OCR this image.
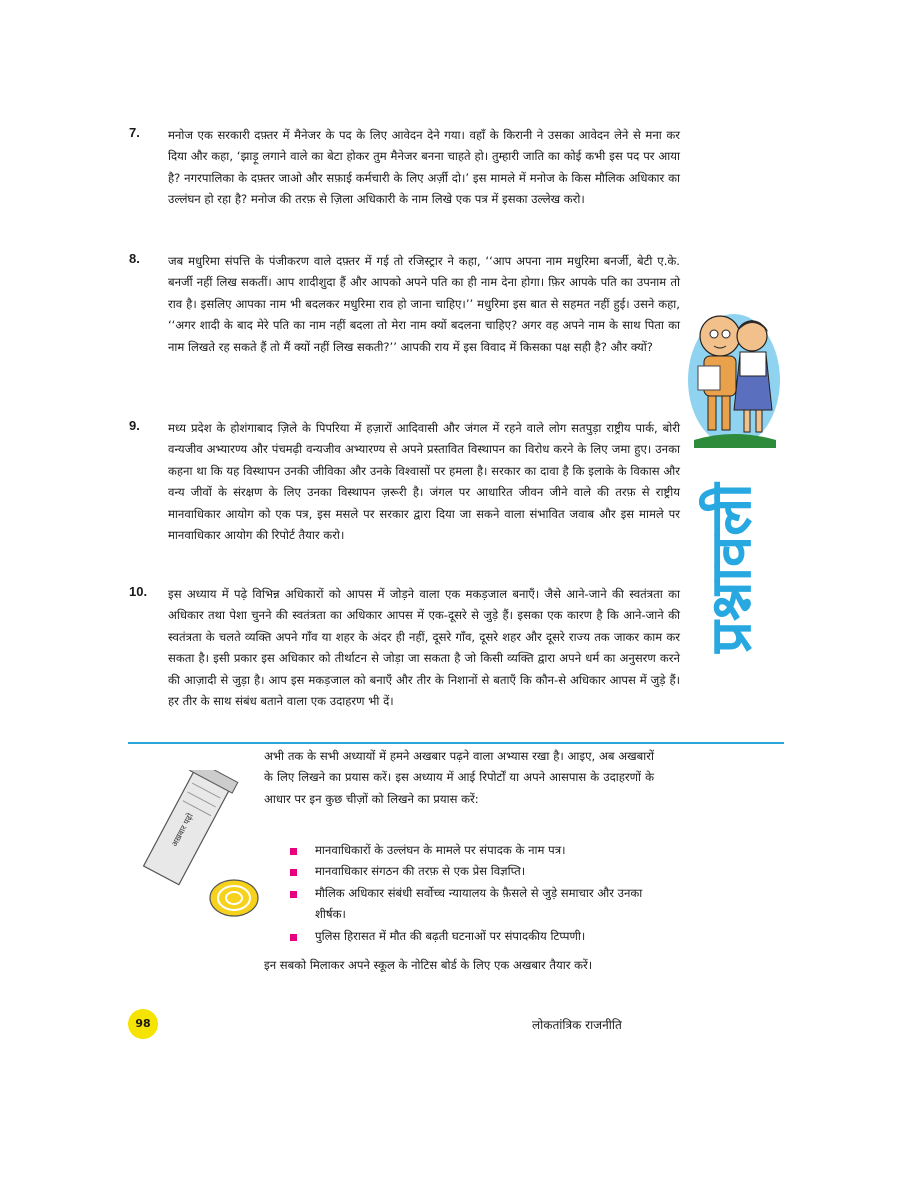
7. मनोज एक सरकारी दफ़्तर में मैनेजर के पद के लिए आवेदन देने गया। वहाँ के किरानी ने उसका आवेदन लेने से मना कर दिया और कहा, ‘झाड़ू लगाने वाले का बेटा होकर तुम मैनेजर बनना चाहते हो। तुम्हारी जाति का कोई कभी इस पद पर आया है? नगरपालिका के दफ़्तर जाओ और सफ़ाई कर्मचारी के लिए अर्ज़ी दो।’ इस मामले में मनोज के किस मौलिक अधिकार का उल्लंघन हो रहा है? मनोज की तरफ़ से ज़िला अधिकारी के नाम लिखे एक पत्र में इसका उल्लेख करो।

8. जब मधुरिमा संपत्ति के पंजीकरण वाले दफ़्तर में गई तो रजिस्ट्रार ने कहा, ‘‘आप अपना नाम मधुरिमा बनर्जी, बेटी ए.के. बनर्जी नहीं लिख सकतीं। आप शादीशुदा हैं और आपको अपने पति का ही नाम देना होगा। फ़िर आपके पति का उपनाम तो राव है। इसलिए आपका नाम भी बदलकर मधुरिमा राव हो जाना चाहिए।’’ मधुरिमा इस बात से सहमत नहीं हुई। उसने कहा, ‘‘अगर शादी के बाद मेरे पति का नाम नहीं बदला तो मेरा नाम क्यों बदलना चाहिए? अगर वह अपने नाम के साथ पिता का नाम लिखते रह सकते हैं तो मैं क्यों नहीं लिख सकती?’’ आपकी राय में इस विवाद में किसका पक्ष सही है? और क्यों?

9. मध्य प्रदेश के होशंगाबाद ज़िले के पिपरिया में हज़ारों आदिवासी और जंगल में रहने वाले लोग सतपुड़ा राष्ट्रीय पार्क, बोरी वन्यजीव अभ्यारण्य और पंचमढ़ी वन्यजीव अभ्यारण्य से अपने प्रस्तावित विस्थापन का विरोध करने के लिए जमा हुए। उनका कहना था कि यह विस्थापन उनकी जीविका और उनके विश्वासों पर हमला है। सरकार का दावा है कि इलाके के विकास और वन्य जीवों के संरक्षण के लिए उनका विस्थापन ज़रूरी है। जंगल पर आधारित जीवन जीने वाले की तरफ़ से राष्ट्रीय मानवाधिकार आयोग को एक पत्र, इस मसले पर सरकार द्वारा दिया जा सकने वाला संभावित जवाब और इस मामले पर मानवाधिकार आयोग की रिपोर्ट तैयार करो।

10. इस अध्याय में पढ़े विभिन्न अधिकारों को आपस में जोड़ने वाला एक मकड़जाल बनाएँ। जैसे आने-जाने की स्वतंत्रता का अधिकार तथा पेशा चुनने की स्वतंत्रता का अधिकार आपस में एक-दूसरे से जुड़े हैं। इसका एक कारण है कि आने-जाने की स्वतंत्रता के चलते व्यक्ति अपने गाँव या शहर के अंदर ही नहीं, दूसरे गाँव, दूसरे शहर और दूसरे राज्य तक जाकर काम कर सकता है। इसी प्रकार इस अधिकार को तीर्थाटन से जोड़ा जा सकता है जो किसी व्यक्ति द्वारा अपने धर्म का अनुसरण करने की आज़ादी से जुड़ा है। आप इस मकड़जाल को बनाएँ और तीर के निशानों से बताएँ कि कौन-से अधिकार आपस में जुड़े हैं। हर तीर के साथ संबंध बताने वाला एक उदाहरण भी दें।

प्रश्नावली
अख़बार पढ़ो

अभी तक के सभी अध्यायों में हमने अखबार पढ़ने वाला अभ्यास रखा है। आइए, अब अखबारों के लिए लिखने का प्रयास करें। इस अध्याय में आई रिपोर्टों या अपने आसपास के उदाहरणों के आधार पर इन कुछ चीज़ों को लिखने का प्रयास करें:

मानवाधिकारों के उल्लंघन के मामले पर संपादक के नाम पत्र।
मानवाधिकार संगठन की तरफ़ से एक प्रेस विज्ञप्ति।
मौलिक अधिकार संबंधी सर्वोच्च न्यायालय के फ़ैसले से जुड़े समाचार और उनका शीर्षक।
पुलिस हिरासत में मौत की बढ़ती घटनाओं पर संपादकीय टिप्पणी।

इन सबको मिलाकर अपने स्कूल के नोटिस बोर्ड के लिए एक अखबार तैयार करें।

98	लोकतांत्रिक राजनीति
